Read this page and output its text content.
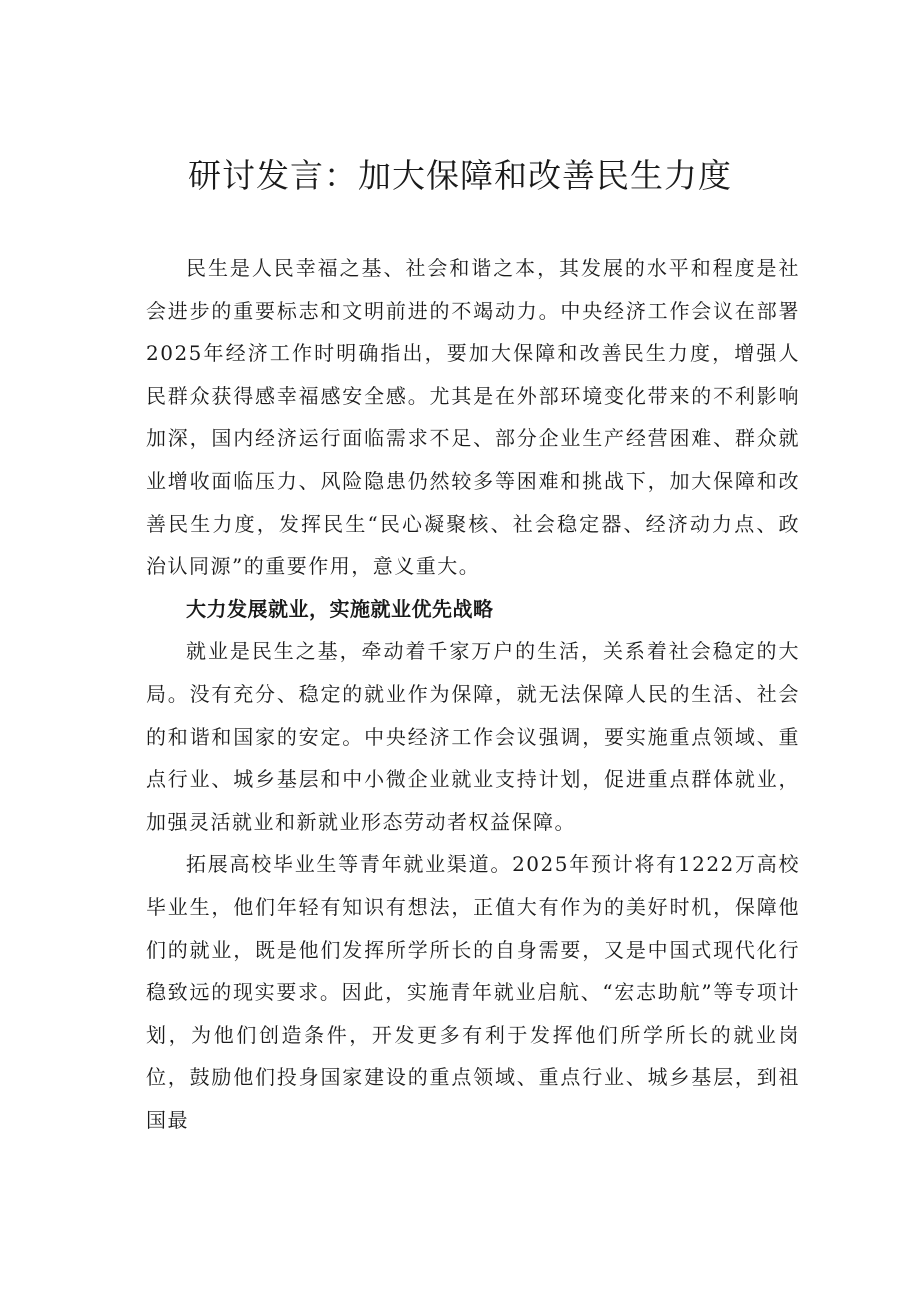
研讨发言：加大保障和改善民生力度

民生是人民幸福之基、社会和谐之本，其发展的水平和程度是社会进步的重要标志和文明前进的不竭动力。中央经济工作会议在部署2025年经济工作时明确指出，要加大保障和改善民生力度，增强人民群众获得感幸福感安全感。尤其是在外部环境变化带来的不利影响加深，国内经济运行面临需求不足、部分企业生产经营困难、群众就业增收面临压力、风险隐患仍然较多等困难和挑战下，加大保障和改善民生力度，发挥民生“民心凝聚核、社会稳定器、经济动力点、政治认同源”的重要作用，意义重大。

大力发展就业，实施就业优先战略

就业是民生之基，牵动着千家万户的生活，关系着社会稳定的大局。没有充分、稳定的就业作为保障，就无法保障人民的生活、社会的和谐和国家的安定。中央经济工作会议强调，要实施重点领域、重点行业、城乡基层和中小微企业就业支持计划，促进重点群体就业，加强灵活就业和新就业形态劳动者权益保障。

拓展高校毕业生等青年就业渠道。2025年预计将有1222万高校毕业生，他们年轻有知识有想法，正值大有作为的美好时机，保障他们的就业，既是他们发挥所学所长的自身需要，又是中国式现代化行稳致远的现实要求。因此，实施青年就业启航、“宏志助航”等专项计划，为他们创造条件，开发更多有利于发挥他们所学所长的就业岗位，鼓励他们投身国家建设的重点领域、重点行业、城乡基层，到祖国最
